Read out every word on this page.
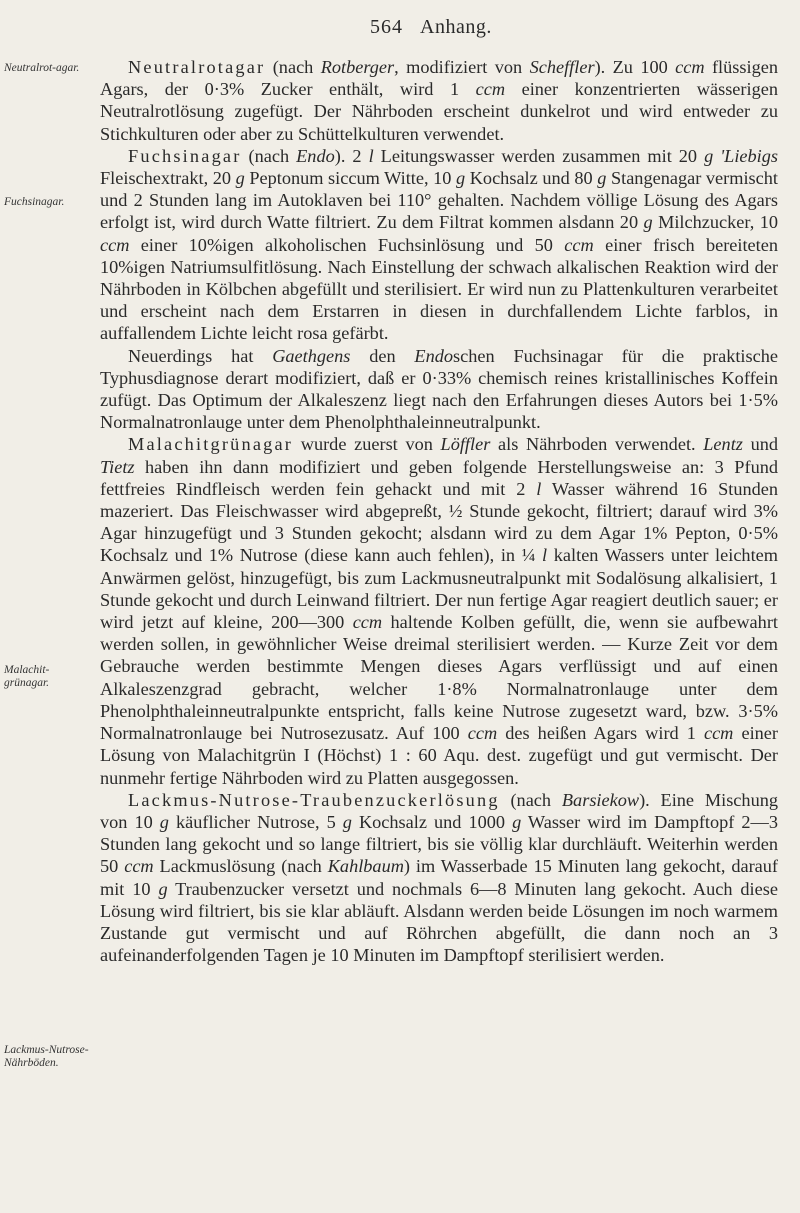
564 Anhang.
Neutralrot-agar.
Fuchsinagar.
Malachit-grünagar.
Lackmus-Nutrose-Nährböden.

Neutralrotagar (nach Rotberger, modifiziert von Scheffler). Zu 100 ccm flüssigen Agars, der 0·3% Zucker enthält, wird 1 ccm einer konzentrierten wässerigen Neutralrotlösung zugefügt. Der Nährboden erscheint dunkelrot und wird entweder zu Stichkulturen oder aber zu Schüttelkulturen verwendet.

Fuchsinagar (nach Endo). 2 l Leitungswasser werden zusammen mit 20 g 'Liebigs Fleischextrakt, 20 g Peptonum siccum Witte, 10 g Kochsalz und 80 g Stangenagar vermischt und 2 Stunden lang im Autoklaven bei 110° gehalten. Nachdem völlige Lösung des Agars erfolgt ist, wird durch Watte filtriert. Zu dem Filtrat kommen alsdann 20 g Milchzucker, 10 ccm einer 10%igen alkoholischen Fuchsinlösung und 50 ccm einer frisch bereiteten 10%igen Natriumsulfitlösung. Nach Einstellung der schwach alkalischen Reaktion wird der Nährboden in Kölbchen abgefüllt und sterilisiert. Er wird nun zu Plattenkulturen verarbeitet und erscheint nach dem Erstarren in diesen in durchfallendem Lichte farblos, in auffallendem Lichte leicht rosa gefärbt.

Neuerdings hat Gaethgens den Endoschen Fuchsinagar für die praktische Typhusdiagnose derart modifiziert, daß er 0·33% chemisch reines kristallinisches Koffein zufügt. Das Optimum der Alkaleszenz liegt nach den Erfahrungen dieses Autors bei 1·5% Normalnatronlauge unter dem Phenolphthaleinneutralpunkt.

Malachitgrünagar wurde zuerst von Löffler als Nährboden verwendet. Lentz und Tietz haben ihn dann modifiziert und geben folgende Herstellungsweise an: 3 Pfund fettfreies Rindfleisch werden fein gehackt und mit 2 l Wasser während 16 Stunden mazeriert. Das Fleischwasser wird abgepreßt, ½ Stunde gekocht, filtriert; darauf wird 3% Agar hinzugefügt und 3 Stunden gekocht; alsdann wird zu dem Agar 1% Pepton, 0·5% Kochsalz und 1% Nutrose (diese kann auch fehlen), in ¼ l kalten Wassers unter leichtem Anwärmen gelöst, hinzugefügt, bis zum Lackmusneutralpunkt mit Sodalösung alkalisiert, 1 Stunde gekocht und durch Leinwand filtriert. Der nun fertige Agar reagiert deutlich sauer; er wird jetzt auf kleine, 200—300 ccm haltende Kolben gefüllt, die, wenn sie aufbewahrt werden sollen, in gewöhnlicher Weise dreimal sterilisiert werden. — Kurze Zeit vor dem Gebrauche werden bestimmte Mengen dieses Agars verflüssigt und auf einen Alkaleszenzgrad gebracht, welcher 1·8% Normalnatronlauge unter dem Phenolphthaleinneutralpunkte entspricht, falls keine Nutrose zugesetzt ward, bzw. 3·5% Normalnatronlauge bei Nutrosezusatz. Auf 100 ccm des heißen Agars wird 1 ccm einer Lösung von Malachitgrün I (Höchst) 1 : 60 Aqu. dest. zugefügt und gut vermischt. Der nunmehr fertige Nährboden wird zu Platten ausgegossen.

Lackmus-Nutrose-Traubenzuckerlösung (nach Barsiekow). Eine Mischung von 10 g käuflicher Nutrose, 5 g Kochsalz und 1000 g Wasser wird im Dampftopf 2—3 Stunden lang gekocht und so lange filtriert, bis sie völlig klar durchläuft. Weiterhin werden 50 ccm Lackmuslösung (nach Kahlbaum) im Wasserbade 15 Minuten lang gekocht, darauf mit 10 g Traubenzucker versetzt und nochmals 6—8 Minuten lang gekocht. Auch diese Lösung wird filtriert, bis sie klar abläuft. Alsdann werden beide Lösungen im noch warmem Zustande gut vermischt und auf Röhrchen abgefüllt, die dann noch an 3 aufeinanderfolgenden Tagen je 10 Minuten im Dampftopf sterilisiert werden.
